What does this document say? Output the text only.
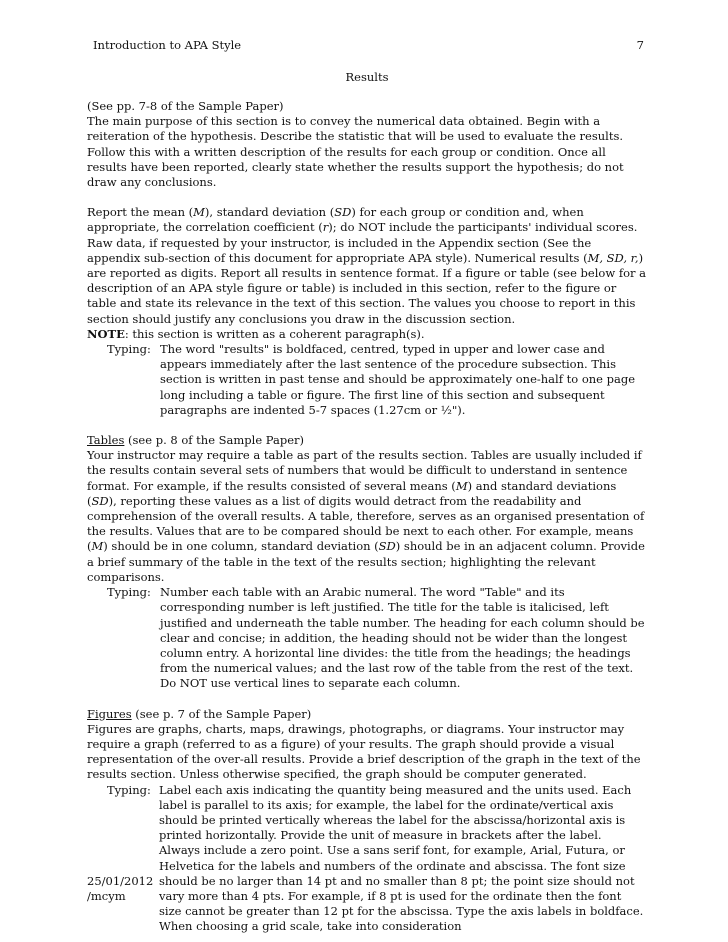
Introduction to APA Style	7
Results

(See pp. 7-8 of the Sample Paper)
The main purpose of this section is to convey the numerical data obtained. Begin with a reiteration of the hypothesis. Describe the statistic that will be used to evaluate the results. Follow this with a written description of the results for each group or condition. Once all results have been reported, clearly state whether the results support the hypothesis; do not draw any conclusions.

Report the mean (M), standard deviation (SD) for each group or condition and, when appropriate, the correlation coefficient (r); do NOT include the participants' individual scores. Raw data, if requested by your instructor, is included in the Appendix section (See the appendix sub-section of this document for appropriate APA style). Numerical results (M, SD, r,) are reported as digits. Report all results in sentence format. If a figure or table (see below for a description of an APA style figure or table) is included in this section, refer to the figure or table and state its relevance in the text of this section. The values you choose to report in this section should justify any conclusions you draw in the discussion section.

NOTE: this section is written as a coherent paragraph(s).

Typing: The word "results" is boldfaced, centred, typed in upper and lower case and appears immediately after the last sentence of the procedure subsection. This section is written in past tense and should be approximately one-half to one page long including a table or figure. The first line of this section and subsequent paragraphs are indented 5-7 spaces (1.27cm or ½").

Tables (see p. 8 of the Sample Paper)
Your instructor may require a table as part of the results section. Tables are usually included if the results contain several sets of numbers that would be difficult to understand in sentence format. For example, if the results consisted of several means (M) and standard deviations (SD), reporting these values as a list of digits would detract from the readability and comprehension of the overall results. A table, therefore, serves as an organised presentation of the results. Values that are to be compared should be next to each other. For example, means (M) should be in one column, standard deviation (SD) should be in an adjacent column. Provide a brief summary of the table in the text of the results section; highlighting the relevant comparisons.

Typing: Number each table with an Arabic numeral. The word "Table" and its corresponding number is left justified. The title for the table is italicised, left justified and underneath the table number. The heading for each column should be clear and concise; in addition, the heading should not be wider than the longest column entry. A horizontal line divides: the title from the headings; the headings from the numerical values; and the last row of the table from the rest of the text. Do NOT use vertical lines to separate each column.

Figures (see p. 7 of the Sample Paper)
Figures are graphs, charts, maps, drawings, photographs, or diagrams. Your instructor may require a graph (referred to as a figure) of your results. The graph should provide a visual representation of the over-all results. Provide a brief description of the graph in the text of the results section. Unless otherwise specified, the graph should be computer generated.

Typing: Label each axis indicating the quantity being measured and the units used. Each label is parallel to its axis; for example, the label for the ordinate/vertical axis should be printed vertically whereas the label for the abscissa/horizontal axis is printed horizontally. Provide the unit of measure in brackets after the label. Always include a zero point. Use a sans serif font, for example, Arial, Futura, or Helvetica for the labels and numbers of the ordinate and abscissa. The font size should be no larger than 14 pt and no smaller than 8 pt; the point size should not vary more than 4 pts. For example, if 8 pt is used for the ordinate then the font size cannot be greater than 12 pt for the abscissa. Type the axis labels in boldface. When choosing a grid scale, take into consideration
25/01/2012
/mcym
